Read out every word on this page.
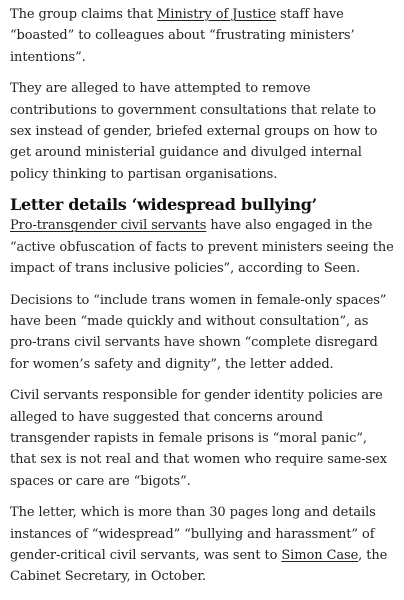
The group claims that Ministry of Justice staff have “boasted” to colleagues about “frustrating ministers’ intentions”.

They are alleged to have attempted to remove contributions to government consultations that relate to sex instead of gender, briefed external groups on how to get around ministerial guidance and divulged internal policy thinking to partisan organisations.

Letter details ‘widespread bullying’

Pro-transgender civil servants have also engaged in the “active obfuscation of facts to prevent ministers seeing the impact of trans inclusive policies”, according to Seen.

Decisions to “include trans women in female-only spaces” have been “made quickly and without consultation”, as pro-trans civil servants have shown “complete disregard for women’s safety and dignity”, the letter added.

Civil servants responsible for gender identity policies are alleged to have suggested that concerns around transgender rapists in female prisons is “moral panic”, that sex is not real and that women who require same-sex spaces or care are “bigots”.

The letter, which is more than 30 pages long and details instances of “widespread” “bullying and harassment” of gender-critical civil servants, was sent to Simon Case, the Cabinet Secretary, in October.
